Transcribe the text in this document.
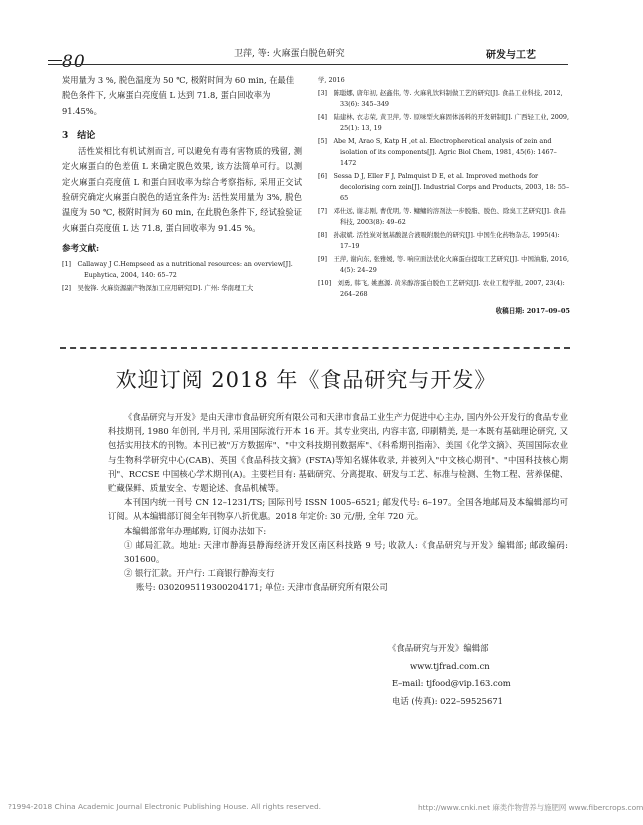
80	卫萍, 等: 火麻蛋白脱色研究	研发与工艺

炭用量为 3 %, 脱色温度为 50 ℃, 极附时间为 60 min, 在最佳脱色条件下, 火麻蛋白亮度值 L 达到 71.8, 蛋白回收率为 91.45%。

3　结论

活性炭相比有机试剂而言, 可以避免有毒有害物质的残留, 测定火麻蛋白的色差值 L 来确定脱色效果, 该方法简单可行。以测定火麻蛋白亮度值 L 和蛋白回收率为综合考察指标, 采用正交试验研究确定火麻蛋白脱色的适宜条件为: 活性炭用量为 3%, 脱色温度为 50 ℃, 极附时间为 60 min, 在此脱色条件下, 经试验验证火麻蛋白亮度值 L 达 71.8, 蛋白回收率为 91.45 %。

参考文献:

[1]　Callaway J C.Hempseed as a nutritional resources: an overview[J]. Euphytica, 2004, 140: 65–72

[2]　吴俊锋. 火麻资源副产物深加工应用研究[D]. 广州: 华南理工大

学, 2016

[3]　陈聪娜, 唐年初, 赵鑫伟, 等. 火麻乳饮料制做工艺的研究[J]. 食品工业科技, 2012, 33(6): 345–349

[4]　陆建林, 衣志荣, 黄卫萍, 等. 原味型火麻固体汤料的开发研制[J]. 广西轻工业, 2009, 25(1): 13, 19

[5]　Abe M, Arao S, Katp H ,et al. Electropheretical analysis of zein and isolation of its components[J]. Agric Biol Chem, 1981, 45(6): 1467–1472

[6]　Sessa D J, Eller F J, Palmquist D E, et al. Improved methods for decolorising corn zein[J]. Industrial Corps and Products, 2003, 18: 55–65

[7]　邓仕远, 谢志刚, 曹优明, 等. 鳙鳙的溶剂法一步脱脂、脱色、除臭工艺研究[J]. 食品科技, 2003(8): 49–62

[8]　孙淑斌. 活性炭对氨基酸混合液吸附脱色的研究[J]. 中国生化药物杂志, 1995(4): 17–19

[9]　王萍, 谢向东, 张雅媛, 等. 响应面法优化火麻蛋白提取工艺研究[J]. 中国油脂, 2016, 4(5): 24–29

[10]　刘勇, 韩飞, 姚惠源. 黄米醇溶蛋白脱色工艺研究[J]. 农业工程学报, 2007, 23(4): 264–268

收稿日期: 2017–09–05

欢迎订阅 2018 年《食品研究与开发》

《食品研究与开发》是由天津市食品研究所有限公司和天津市食品工业生产力促进中心主办, 国内外公开发行的食品专业科技期刊, 1980 年创刊, 半月刊, 采用国际流行开本 16 开。其专业突出, 内容丰富, 印刷精美, 是一本既有基础理论研究, 又包括实用技术的刊物。本刊已被"万方数据库"、"中文科技期刊数据库"、《科希期刊指南》、美国《化学文摘》、英国国际农业与生物科学研究中心(CAB)、英国《食品科技文摘》(FSTA)等知名媒体收录, 并被列入"中文核心期刊"、"中国科技核心期刊"、RCCSE 中国核心学术期刊(A)。主要栏目有: 基础研究、分离提取、研发与工艺、标准与检测、生物工程、营养保健、贮藏保鲜、质量安全、专题论述、食品机械等。

本刊国内统一刊号 CN 12–1231/TS; 国际刊号 ISSN 1005–6521; 邮发代号: 6–197。全国各地邮局及本编辑部均可订阅。从本编辑部订阅全年刊物享八折优惠。2018 年定价: 30 元/册, 全年 720 元。

本编辑部常年办理邮购, 订阅办法如下:

① 邮局汇款。地址: 天津市静海县静海经济开发区南区科技路 9 号; 收款人:《食品研究与开发》编辑部; 邮政编码: 301600。

② 银行汇款。开户行: 工商银行静海支行

账号: 0302095119300204171; 单位: 天津市食品研究所有限公司

《食品研究与开发》编辑部

www.tjfrad.com.cn

E–mail: tjfood@vip.163.com

电话 (传真): 022–59525671

?1994-2018 China Academic Journal Electronic Publishing House. All rights reserved.	http://www.cnki.net 麻类作物营养与施肥网 www.fibercrops.com
